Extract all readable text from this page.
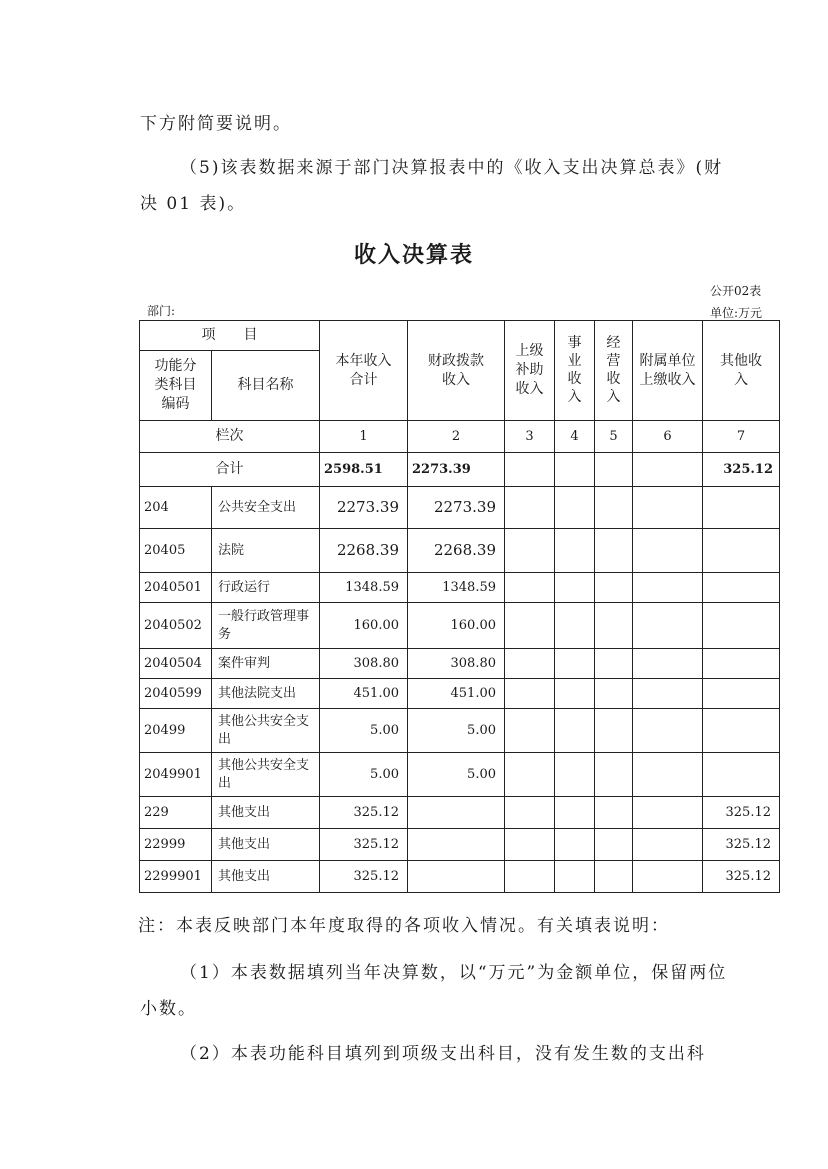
下方附简要说明。

（5)该表数据来源于部门决算报表中的《收入支出决算总表》(财决 01 表)。

收入决算表
公开02表
部门:	单位:万元
项　　目		本年收入合计	财政拨款收入	上级补助收入	事业收入	经营收入	附属单位上缴收入	其他收入
功能分类科目编码	科目名称							
栏次		1	2	3	4	5	6	7
合计		2598.51	2273.39					325.12
204	公共安全支出	2273.39	2273.39					
20405	法院	2268.39	2268.39					
2040501	行政运行	1348.59	1348.59					
2040502	一般行政管理事务	160.00	160.00					
2040504	案件审判	308.80	308.80					
2040599	其他法院支出	451.00	451.00					
20499	其他公共安全支出	5.00	5.00					
2049901	其他公共安全支出	5.00	5.00					
229	其他支出	325.12						325.12
22999	其他支出	325.12						325.12
2299901	其他支出	325.12						325.12

注：本表反映部门本年度取得的各项收入情况。有关填表说明：

（1）本表数据填列当年决算数，以“万元”为金额单位，保留两位小数。

（2）本表功能科目填列到项级支出科目，没有发生数的支出科
